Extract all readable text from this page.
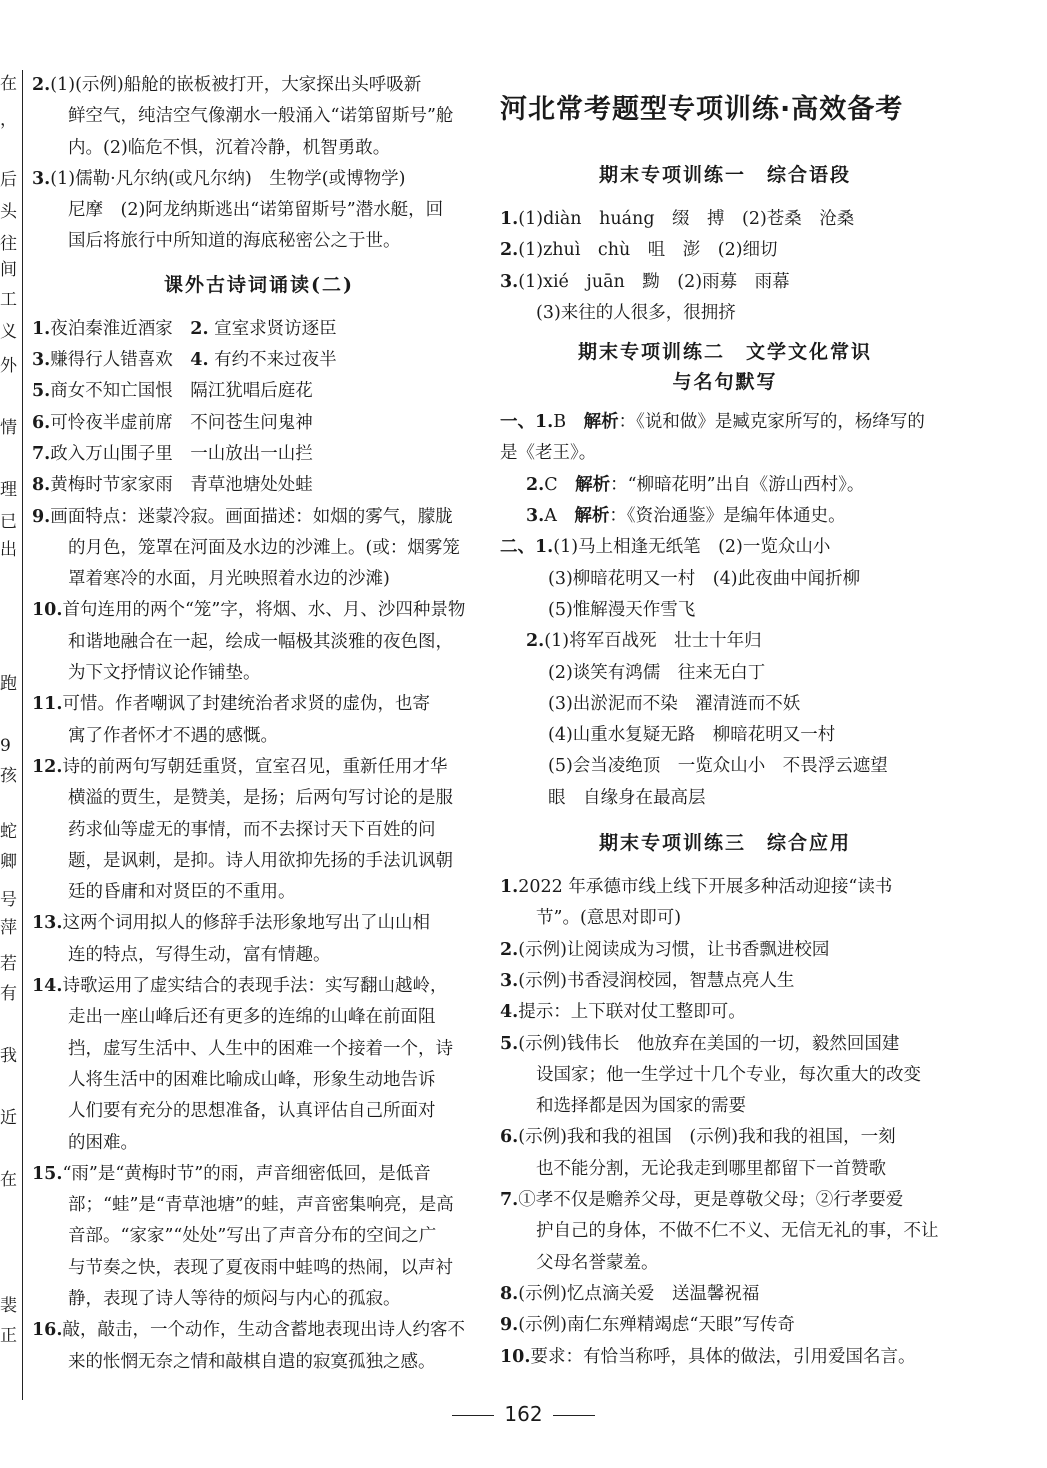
在
，
后
头
往
间
工
义
外
情
理
已
出
跑
9
孩
蛇
卿
号
萍
若
有
我
近
在
裴
正
2.(1)(示例)船舱的嵌板被打开，大家探出头呼吸新
鲜空气，纯洁空气像潮水一般涌入“诺第留斯号”舱
内。(2)临危不惧，沉着冷静，机智勇敢。
3.(1)儒勒·凡尔纳(或凡尔纳)　生物学(或博物学)
尼摩　(2)阿龙纳斯逃出“诺第留斯号”潜水艇，回
国后将旅行中所知道的海底秘密公之于世。
课外古诗词诵读(二)
1.夜泊秦淮近酒家　2. 宣室求贤访逐臣
3.赚得行人错喜欢　4. 有约不来过夜半
5.商女不知亡国恨　隔江犹唱后庭花
6.可怜夜半虚前席　不问苍生问鬼神
7.政入万山围子里　一山放出一山拦
8.黄梅时节家家雨　青草池塘处处蛙
9.画面特点：迷蒙冷寂。画面描述：如烟的雾气，朦胧
的月色，笼罩在河面及水边的沙滩上。(或：烟雾笼
罩着寒冷的水面，月光映照着水边的沙滩)
10.首句连用的两个“笼”字，将烟、水、月、沙四种景物
和谐地融合在一起，绘成一幅极其淡雅的夜色图，
为下文抒情议论作铺垫。
11.可惜。作者嘲讽了封建统治者求贤的虚伪，也寄
寓了作者怀才不遇的感慨。
12.诗的前两句写朝廷重贤，宣室召见，重新任用才华
横溢的贾生，是赞美，是扬；后两句写讨论的是服
药求仙等虚无的事情，而不去探讨天下百姓的问
题，是讽刺，是抑。诗人用欲抑先扬的手法讥讽朝
廷的昏庸和对贤臣的不重用。
13.这两个词用拟人的修辞手法形象地写出了山山相
连的特点，写得生动，富有情趣。
14.诗歌运用了虚实结合的表现手法：实写翻山越岭，
走出一座山峰后还有更多的连绵的山峰在前面阻
挡，虚写生活中、人生中的困难一个接着一个，诗
人将生活中的困难比喻成山峰，形象生动地告诉
人们要有充分的思想准备，认真评估自己所面对
的困难。
15.“雨”是“黄梅时节”的雨，声音细密低回，是低音
部；“蛙”是“青草池塘”的蛙，声音密集响亮，是高
音部。“家家”“处处”写出了声音分布的空间之广
与节奏之快，表现了夏夜雨中蛙鸣的热闹，以声衬
静，表现了诗人等待的烦闷与内心的孤寂。
16.敲，敲击，一个动作，生动含蓄地表现出诗人约客不
来的怅惘无奈之情和敲棋自遣的寂寞孤独之感。
河北常考题型专项训练·高效备考
期末专项训练一　综合语段
1.(1)diàn　huáng　缀　搏　(2)苍桑　沧桑
2.(1)zhuì　chù　咀　澎　(2)细切
3.(1)xié　juān　黝　(2)雨募　雨幕
(3)来往的人很多，很拥挤
期末专项训练二　文学文化常识
与名句默写
一、1.B　解析：《说和做》是臧克家所写的，杨绛写的
是《老王》。
2.C　解析：“柳暗花明”出自《游山西村》。
3.A　解析：《资治通鉴》是编年体通史。
二、1.(1)马上相逢无纸笔　(2)一览众山小
(3)柳暗花明又一村　(4)此夜曲中闻折柳
(5)惟解漫天作雪飞
2.(1)将军百战死　壮士十年归
(2)谈笑有鸿儒　往来无白丁
(3)出淤泥而不染　濯清涟而不妖
(4)山重水复疑无路　柳暗花明又一村
(5)会当凌绝顶　一览众山小　不畏浮云遮望
眼　自缘身在最高层
期末专项训练三　综合应用
1.2022 年承德市线上线下开展多种活动迎接“读书
节”。(意思对即可)
2.(示例)让阅读成为习惯，让书香飘进校园
3.(示例)书香浸润校园，智慧点亮人生
4.提示：上下联对仗工整即可。
5.(示例)钱伟长　他放弃在美国的一切，毅然回国建
设国家；他一生学过十几个专业，每次重大的改变
和选择都是因为国家的需要
6.(示例)我和我的祖国　(示例)我和我的祖国，一刻
也不能分割，无论我走到哪里都留下一首赞歌
7.①孝不仅是赡养父母，更是尊敬父母；②行孝要爱
护自己的身体，不做不仁不义、无信无礼的事，不让
父母名誉蒙羞。
8.(示例)忆点滴关爱　送温馨祝福
9.(示例)南仁东殚精竭虑“天眼”写传奇
10.要求：有恰当称呼，具体的做法，引用爱国名言。
162
